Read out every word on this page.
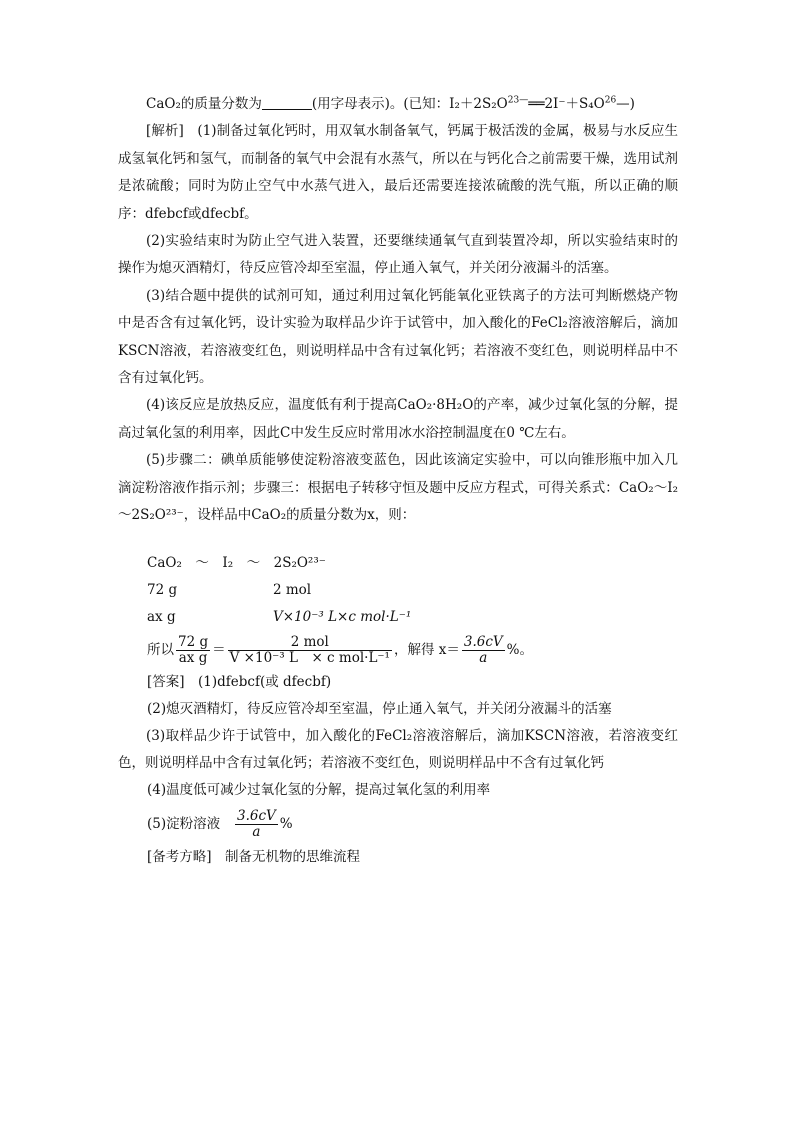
CaO₂的质量分数为	(用字母表示)。(已知：$I_2+2S_2O^{23—}══2I^-+S_4O^{26}—$)

[解析]　(1)制备过氧化钙时，用双氧水制备氧气，钙属于极活泼的金属，极易与水反应生成氢氧化钙和氢气，而制备的氧气中会混有水蒸气，所以在与钙化合之前需要干燥，选用试剂是浓硫酸；同时为防止空气中水蒸气进入，最后还需要连接浓硫酸的洗气瓶，所以正确的顺序：dfebcf或dfecbf。

(2)实验结束时为防止空气进入装置，还要继续通氧气直到装置冷却，所以实验结束时的操作为熄灭酒精灯，待反应管冷却至室温，停止通入氧气，并关闭分液漏斗的活塞。

(3)结合题中提供的试剂可知，通过利用过氧化钙能氧化亚铁离子的方法可判断燃烧产物中是否含有过氧化钙，设计实验为取样品少许于试管中，加入酸化的FeCl₂溶液溶解后，滴加KSCN溶液，若溶液变红色，则说明样品中含有过氧化钙；若溶液不变红色，则说明样品中不含有过氧化钙。

(4)该反应是放热反应，温度低有利于提高CaO₂·8H₂O的产率，减少过氧化氢的分解，提高过氧化氢的利用率，因此C中发生反应时常用冰水浴控制温度在0 ℃左右。

(5)步骤二：碘单质能够使淀粉溶液变蓝色，因此该滴定实验中，可以向锥形瓶中加入几滴淀粉溶液作指示剂；步骤三：根据电子转移守恒及题中反应方程式，可得关系式：CaO₂～I₂～2S₂O²³⁻，设样品中CaO₂的质量分数为x，则：

CaO₂　～　I₂　～　2S₂O²³⁻
72 g	2 mol
ax g	V×10⁻³ L×c mol·L⁻¹
所以 $\frac{72 g}{\text{ax g}} = \frac{\text{2 mol}}{\text{V ×10⁻³ L　× c mol·L⁻¹}}$ ，解得 $x= \frac{3.6cV}{a}$ %。
[答案]　(1)dfebcf(或 dfecbf)
(2)熄灭酒精灯，待反应管冷却至室温，停止通入氧气，并关闭分液漏斗的活塞

(3)取样品少许于试管中，加入酸化的FeCl₂溶液溶解后，滴加KSCN溶液，若溶液变红色，则说明样品中含有过氧化钙；若溶液不变红色，则说明样品中不含有过氧化钙

(4)温度低可减少过氧化氢的分解，提高过氧化氢的利用率
(5)淀粉溶液 $\frac{3.6cV}{a}$ %
[备考方略]　制备无机物的思维流程
